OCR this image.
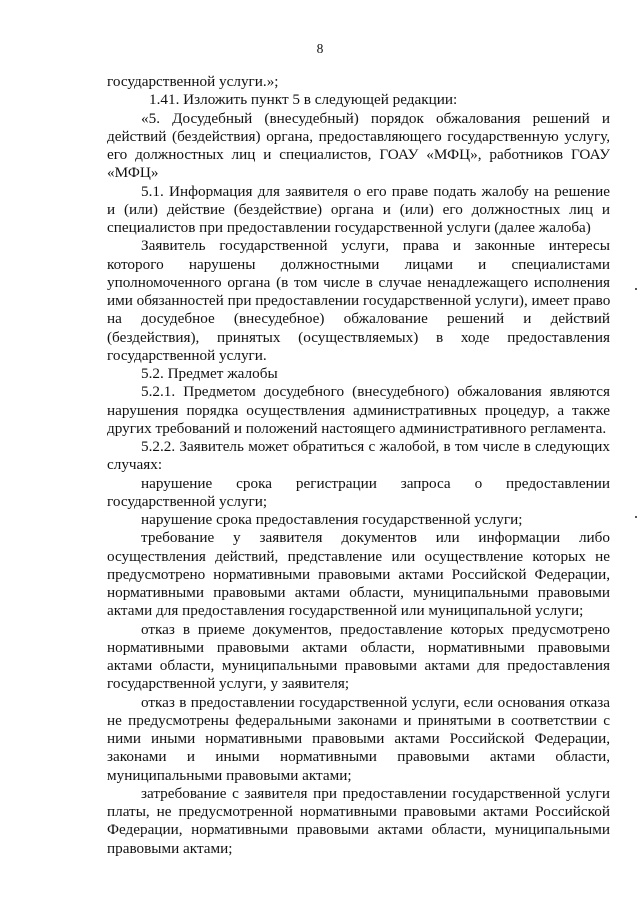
8
государственной услуги.»;
1.41. Изложить пункт 5 в следующей редакции:
«5. Досудебный (внесудебный) порядок обжалования решений и
действий (бездействия) органа, предоставляющего государственную услугу,
его должностных лиц и специалистов, ГОАУ «МФЦ», работников ГОАУ
«МФЦ»
5.1. Информация для заявителя о его праве подать жалобу на решение
и (или) действие (бездействие) органа и (или) его должностных лиц и
специалистов при предоставлении государственной услуги (далее жалоба)
Заявитель государственной услуги, права и законные интересы
которого нарушены должностными лицами и специалистами
уполномоченного органа (в том числе в случае ненадлежащего исполнения
ими обязанностей при предоставлении государственной услуги), имеет право
на досудебное (внесудебное) обжалование решений и действий
(бездействия), принятых (осуществляемых) в ходе предоставления
государственной услуги.
5.2. Предмет жалобы
5.2.1. Предметом досудебного (внесудебного) обжалования являются
нарушения порядка осуществления административных процедур, а также
других требований и положений настоящего административного регламента.
5.2.2. Заявитель может обратиться с жалобой, в том числе в следующих
случаях:
нарушение срока регистрации запроса о предоставлении
государственной услуги;
нарушение срока предоставления государственной услуги;
требование у заявителя документов или информации либо
осуществления действий, представление или осуществление которых не
предусмотрено нормативными правовыми актами Российской Федерации,
нормативными правовыми актами области, муниципальными правовыми
актами для предоставления государственной или муниципальной услуги;
отказ в приеме документов, предоставление которых предусмотрено
нормативными правовыми актами области, нормативными правовыми
актами области, муниципальными правовыми актами для предоставления
государственной услуги, у заявителя;
отказ в предоставлении государственной услуги, если основания отказа
не предусмотрены федеральными законами и принятыми в соответствии с
ними иными нормативными правовыми актами Российской Федерации,
законами и иными нормативными правовыми актами области,
муниципальными правовыми актами;
затребование с заявителя при предоставлении государственной услуги
платы, не предусмотренной нормативными правовыми актами Российской
Федерации, нормативными правовыми актами области, муниципальными
правовыми актами;
